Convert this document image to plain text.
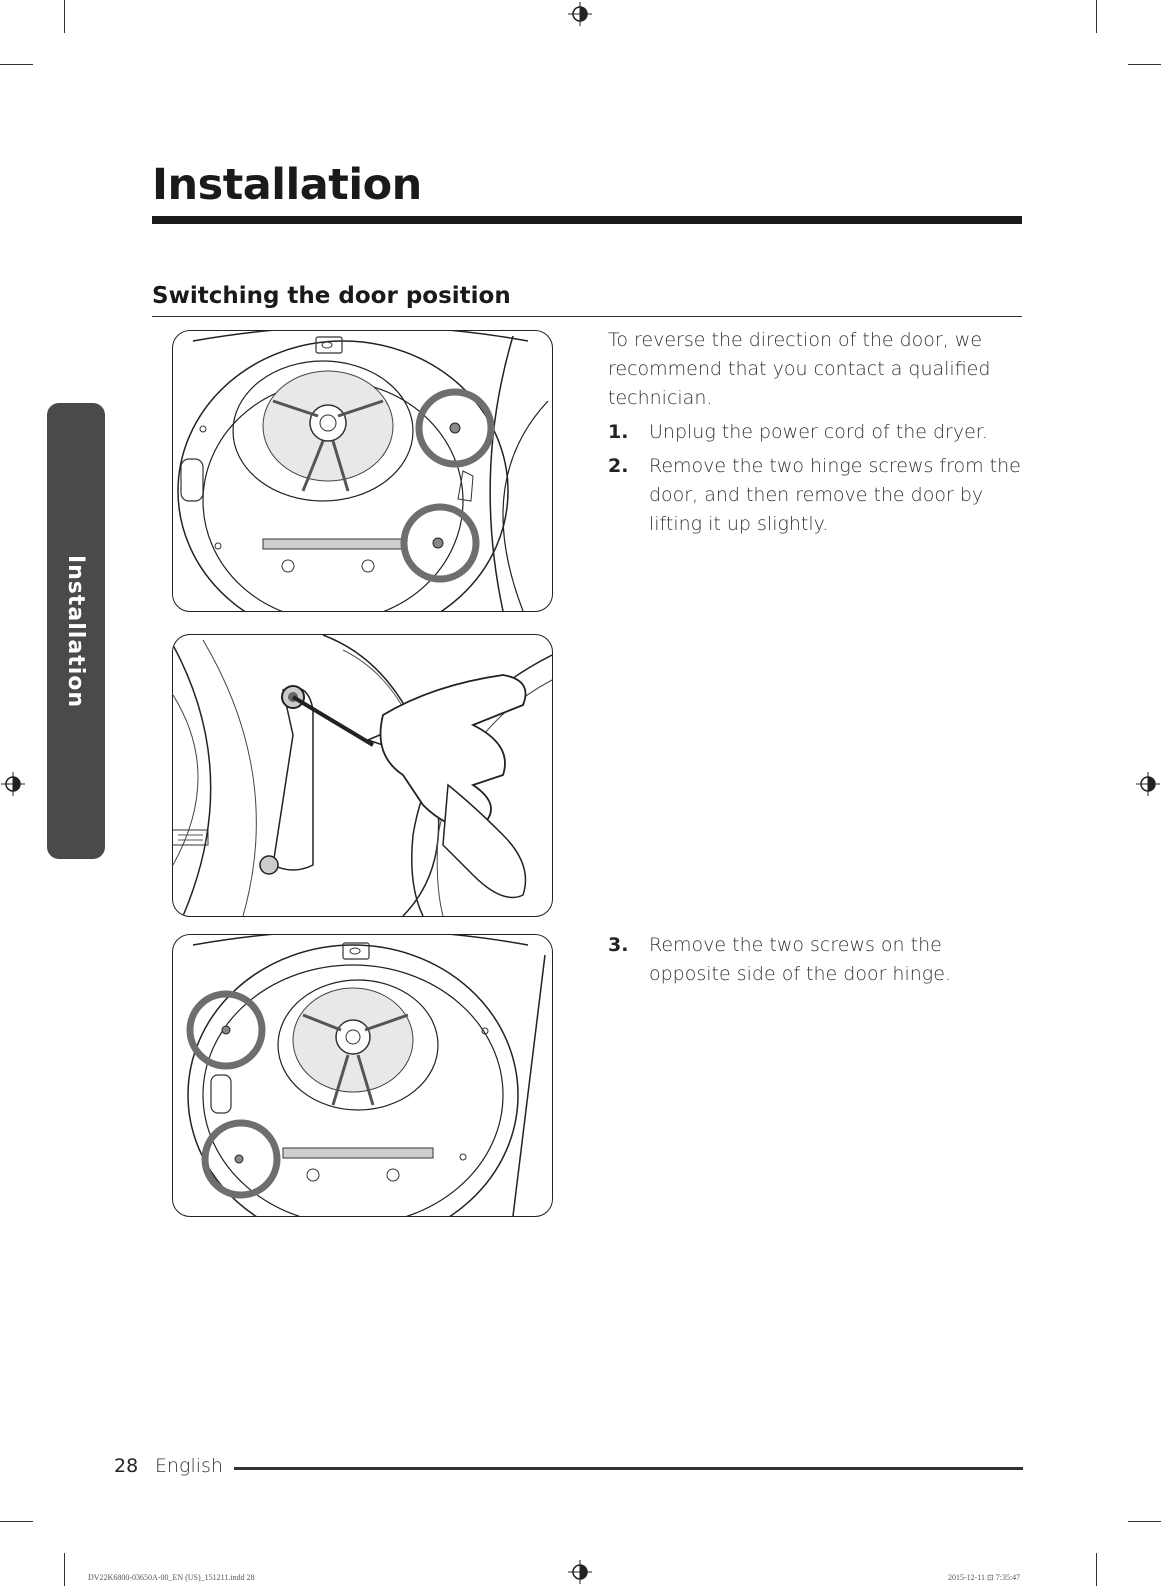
Installation
Installation
Switching the door position
To reverse the direction of the door, we recommend that you contact a qualified technician.
1.	Unplug the power cord of the dryer.
2.	Remove the two hinge screws from the door, and then remove the door by lifting it up slightly.
3.	Remove the two screws on the opposite side of the door hinge.
28 English
DV22K6800-03650A-00_EN (US)_151211.indd 28	2015-12-11 ⊡ 7:35:47
